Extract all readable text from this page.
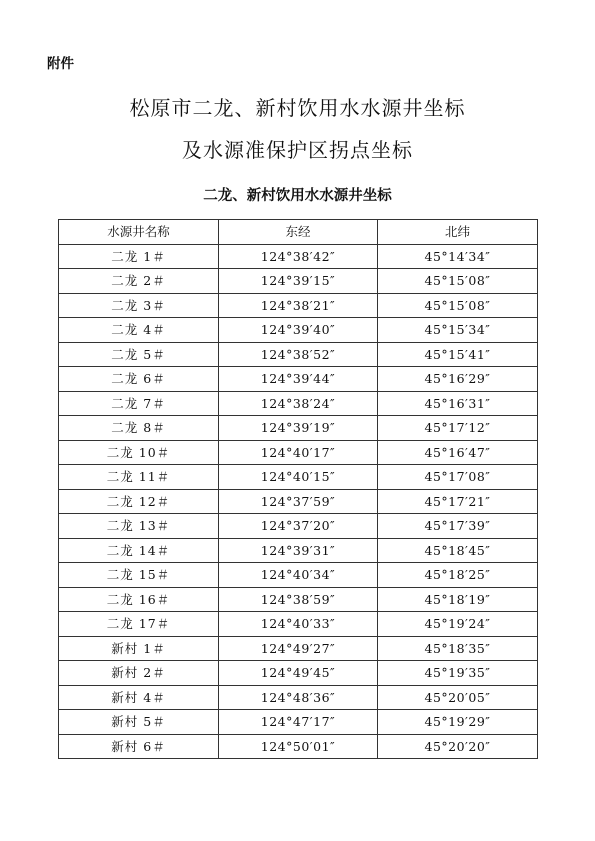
附件
松原市二龙、新村饮用水水源井坐标
及水源准保护区拐点坐标
二龙、新村饮用水水源井坐标
水源井名称	东经	北纬
二龙 1＃	124°38′42″	45°14′34″
二龙 2＃	124°39′15″	45°15′08″
二龙 3＃	124°38′21″	45°15′08″
二龙 4＃	124°39′40″	45°15′34″
二龙 5＃	124°38′52″	45°15′41″
二龙 6＃	124°39′44″	45°16′29″
二龙 7＃	124°38′24″	45°16′31″
二龙 8＃	124°39′19″	45°17′12″
二龙 10＃	124°40′17″	45°16′47″
二龙 11＃	124°40′15″	45°17′08″
二龙 12＃	124°37′59″	45°17′21″
二龙 13＃	124°37′20″	45°17′39″
二龙 14＃	124°39′31″	45°18′45″
二龙 15＃	124°40′34″	45°18′25″
二龙 16＃	124°38′59″	45°18′19″
二龙 17＃	124°40′33″	45°19′24″
新村 1＃	124°49′27″	45°18′35″
新村 2＃	124°49′45″	45°19′35″
新村 4＃	124°48′36″	45°20′05″
新村 5＃	124°47′17″	45°19′29″
新村 6＃	124°50′01″	45°20′20″
